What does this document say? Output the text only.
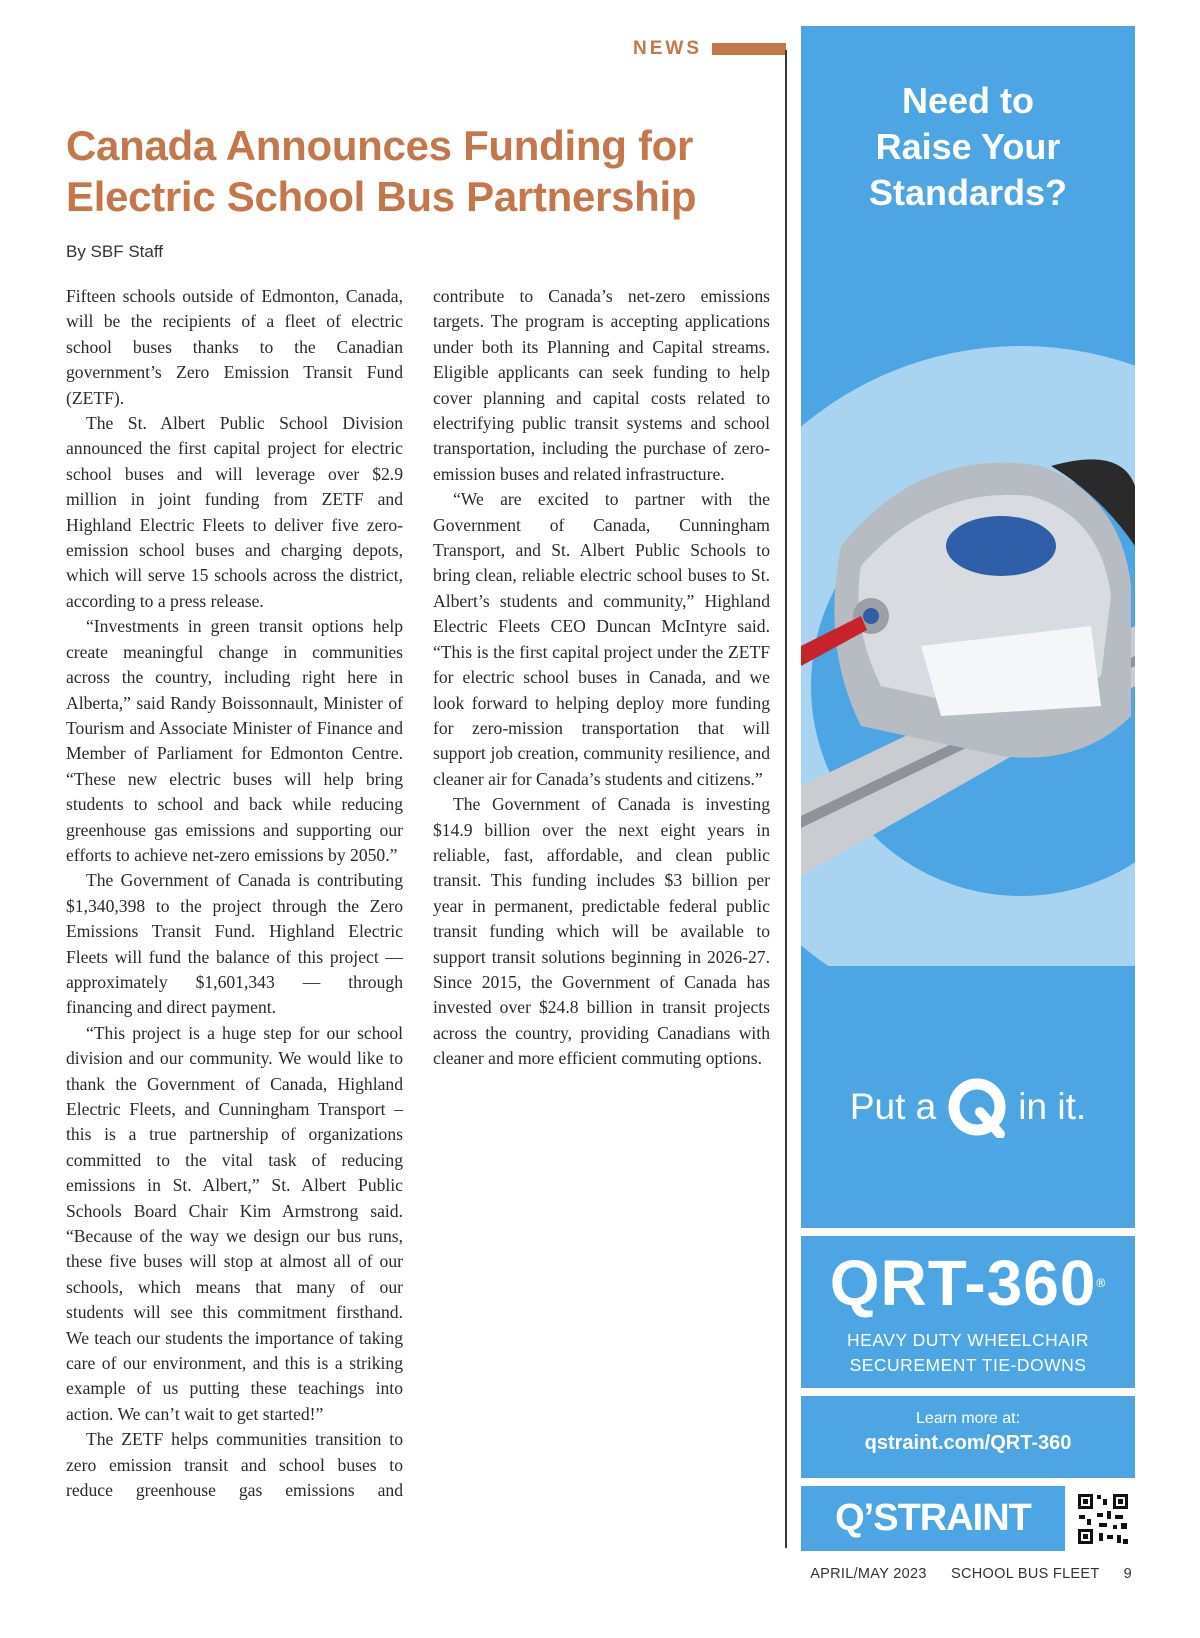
NEWS
Canada Announces Funding for Electric School Bus Partnership

By SBF Staff

Fifteen schools outside of Edmonton, Canada, will be the recipients of a fleet of electric school buses thanks to the Canadian government’s Zero Emission Transit Fund (ZETF).

The St. Albert Public School Division announced the first capital project for electric school buses and will leverage over $2.9 million in joint funding from ZETF and Highland Electric Fleets to deliver five zero-emission school buses and charging depots, which will serve 15 schools across the district, according to a press release.

“Investments in green transit options help create meaningful change in communities across the country, including right here in Alberta,” said Randy Boissonnault, Minister of Tourism and Associate Minister of Finance and Member of Parliament for Edmonton Centre. “These new electric buses will help bring students to school and back while reducing greenhouse gas emissions and supporting our efforts to achieve net-zero emissions by 2050.”

The Government of Canada is contributing $1,340,398 to the project through the Zero Emissions Transit Fund. Highland Electric Fleets will fund the balance of this project — approximately $1,601,343 — through financing and direct payment.

“This project is a huge step for our school division and our community. We would like to thank the Government of Canada, Highland Electric Fleets, and Cunningham Transport – this is a true partnership of organizations committed to the vital task of reducing emissions in St. Albert,” St. Albert Public Schools Board Chair Kim Armstrong said. “Because of the way we design our bus runs, these five buses will stop at almost all of our schools, which means that many of our students will see this commitment firsthand. We teach our students the importance of taking care of our environment, and this is a striking example of us putting these teachings into action. We can’t wait to get started!”

The ZETF helps communities transition to zero emission transit and school buses to reduce greenhouse gas emissions and contribute to Canada’s net-zero emissions targets. The program is accepting applications under both its Planning and Capital streams. Eligible applicants can seek funding to help cover planning and capital costs related to electrifying public transit systems and school transportation, including the purchase of zero-emission buses and related infrastructure.

“We are excited to partner with the Government of Canada, Cunningham Transport, and St. Albert Public Schools to bring clean, reliable electric school buses to St. Albert’s students and community,” Highland Electric Fleets CEO Duncan McIntyre said. “This is the first capital project under the ZETF for electric school buses in Canada, and we look forward to helping deploy more funding for zero-mission transportation that will support job creation, community resilience, and cleaner air for Canada’s students and citizens.”

The Government of Canada is investing $14.9 billion over the next eight years in reliable, fast, affordable, and clean public transit. This funding includes $3 billion per year in permanent, predictable federal public transit funding which will be available to support transit solutions beginning in 2026-27. Since 2015, the Government of Canada has invested over $24.8 billion in transit projects across the country, providing Canadians with cleaner and more efficient commuting options.

Need to
Raise Your
Standards?
Put a in it.

QRT-360®

HEAVY DUTY WHEELCHAIR
SECUREMENT TIE-DOWNS

Learn more at:

qstraint.com/QRT-360

Q’STRAINT
APRIL/MAY 2023 SCHOOL BUS FLEET 9
